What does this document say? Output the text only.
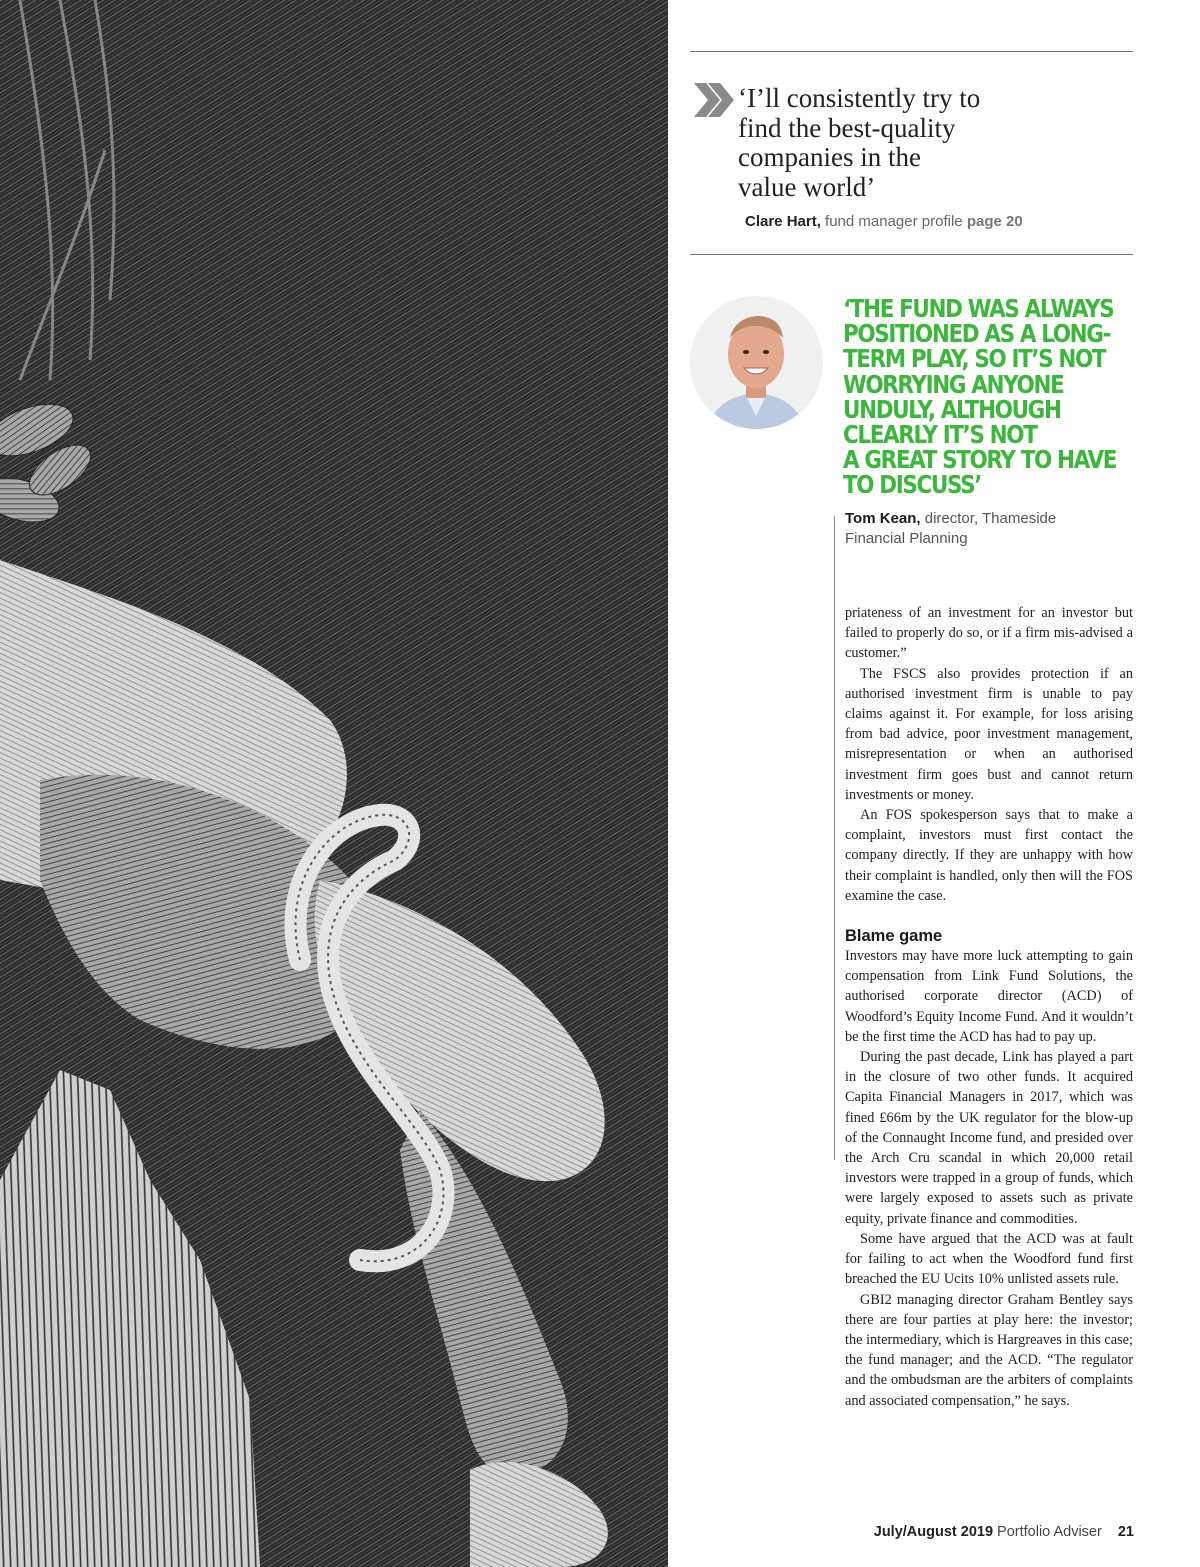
‘I’ll consistently try to
find the best-quality
companies in the
value world’

Clare Hart, fund manager profile page 20

‘THE FUND WAS ALWAYS
POSITIONED AS A LONG-
TERM PLAY, SO IT’S NOT
WORRYING ANYONE
UNDULY, ALTHOUGH
CLEARLY IT’S NOT
A GREAT STORY TO HAVE
TO DISCUSS’

Tom Kean, director, Thameside Financial Planning

priateness of an investment for an investor but failed to properly do so, or if a firm mis-advised a customer.”

The FSCS also provides protection if an authorised investment firm is unable to pay claims against it. For example, for loss arising from bad advice, poor investment management, misrepresentation or when an authorised investment firm goes bust and cannot return investments or money.

An FOS spokesperson says that to make a complaint, investors must first contact the company directly. If they are unhappy with how their complaint is handled, only then will the FOS examine the case.

Blame game

Investors may have more luck attempting to gain compensation from Link Fund Solutions, the authorised corporate director (ACD) of Woodford’s Equity Income Fund. And it wouldn’t be the first time the ACD has had to pay up.

During the past decade, Link has played a part in the closure of two other funds. It acquired Capita Financial Managers in 2017, which was fined £66m by the UK regulator for the blow-up of the Connaught Income fund, and presided over the Arch Cru scandal in which 20,000 retail investors were trapped in a group of funds, which were largely exposed to assets such as private equity, private finance and commodities.

Some have argued that the ACD was at fault for failing to act when the Woodford fund first breached the EU Ucits 10% unlisted assets rule.

GBI2 managing director Graham Bentley says there are four parties at play here: the investor; the intermediary, which is Hargreaves in this case; the fund manager; and the ACD. “The regulator and the ombudsman are the arbiters of complaints and associated compensation,” he says.

July/August 2019 Portfolio Adviser 21
